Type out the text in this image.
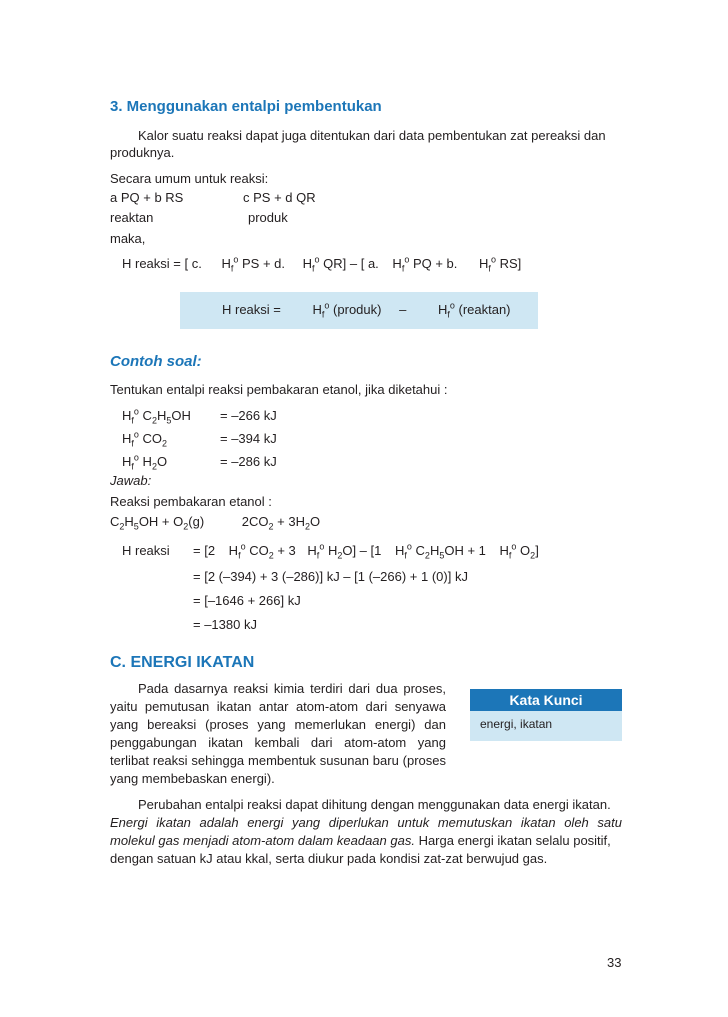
3. Menggunakan entalpi pembentukan
Kalor suatu reaksi dapat juga ditentukan dari data pembentukan zat pereaksi dan
produknya.
Secara umum untuk reaksi:
a PQ + b RS	c PS + d QR
reaktan	produk
maka,
H reaksi = [ c. $H_f^o$ PS + d. $H_f^o$ QR] – [ a. $H_f^o$ PQ + b. $H_f^o$ RS]
H reaksi = $H_f^o$ (produk) – $H_f^o$ (reaktan)
Contoh soal:
Tentukan entalpi reaksi pembakaran etanol, jika diketahui :
$H_f^o$ $C_2H_5OH = -266$ kJ
$H_f^o$ $CO_2$	= –394 kJ
$H_f^o$ $H_2O$	= –286 kJ
Jawab:
Reaksi pembakaran etanol :
$C_2H_5OH + O_2(g)$	$2CO_2 + 3H_2O$
H reaksi = [2 $H_f^o$ $CO_2 + 3$ $H_f^o$ $H_2O] - [1$ $H_f^o$ $C_2H_5OH + 1$ $H_f^o$ $O_2$]
= [2 (–394) + 3 (–286)] kJ – [1 (–266) + 1 (0)] kJ
= [–1646 + 266] kJ
= –1380 kJ
C. ENERGI IKATAN
Pada dasarnya reaksi kimia terdiri dari dua proses,
yaitu pemutusan ikatan antar atom-atom dari senyawa
yang bereaksi (proses yang memerlukan energi) dan
penggabungan ikatan kembali dari atom-atom yang
terlibat reaksi sehingga membentuk susunan baru (proses
yang membebaskan energi).
Kata Kunci
energi, ikatan
Perubahan entalpi reaksi dapat dihitung dengan menggunakan data energi ikatan.
Energi ikatan adalah energi yang diperlukan untuk memutuskan ikatan oleh satu
molekul gas menjadi atom-atom dalam keadaan gas. Harga energi ikatan selalu positif,
dengan satuan kJ atau kkal, serta diukur pada kondisi zat-zat berwujud gas.
33
